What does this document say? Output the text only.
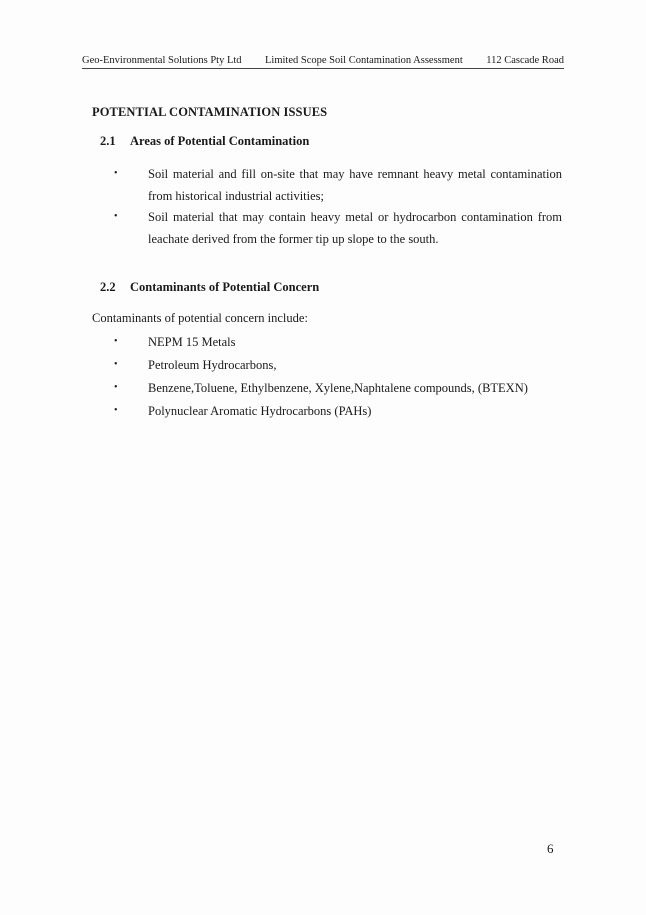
Geo-Environmental Solutions Pty Ltd Limited Scope Soil Contamination Assessment 112 Cascade Road
POTENTIAL CONTAMINATION ISSUES
2.1	Areas of Potential Contamination
• Soil material and fill on-site that may have remnant heavy metal contamination from historical industrial activities;
• Soil material that may contain heavy metal or hydrocarbon contamination from leachate derived from the former tip up slope to the south.
2.2	Contaminants of Potential Concern
Contaminants of potential concern include:
• NEPM 15 Metals
• Petroleum Hydrocarbons,
• Benzene,Toluene, Ethylbenzene, Xylene,Naphtalene compounds, (BTEXN)
• Polynuclear Aromatic Hydrocarbons (PAHs)
6
